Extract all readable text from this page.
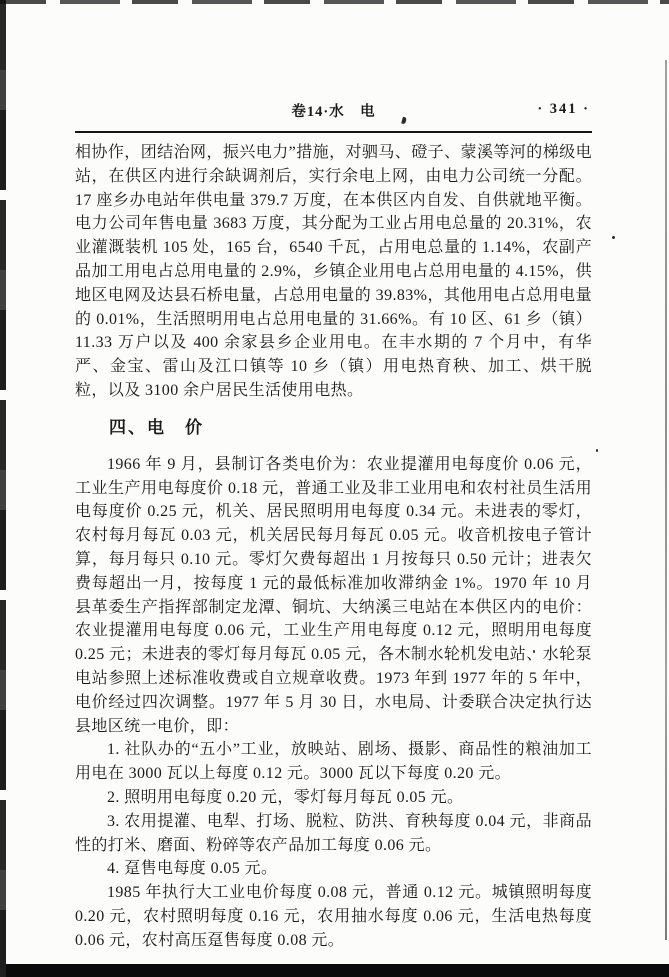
卷14·水　电	· 341 ·

相协作，团结治网，振兴电力”措施，对驷马、磴子、蒙溪等河的梯级电站，在供区内进行余缺调剂后，实行余电上网，由电力公司统一分配。17 座乡办电站年供电量 379.7 万度，在本供区内自发、自供就地平衡。电力公司年售电量 3683 万度，其分配为工业占用电总量的 20.31%，农业灌溉装机 105 处，165 台，6540 千瓦，占用电总量的 1.14%，农副产品加工用电占总用电量的 2.9%，乡镇企业用电占总用电量的 4.15%，供地区电网及达县石桥电量，占总用电量的 39.83%，其他用电占总用电量的 0.01%，生活照明用电占总用电量的 31.66%。有 10 区、61 乡（镇）11.33 万户以及 400 余家县乡企业用电。在丰水期的 7 个月中，有华严、金宝、雷山及江口镇等 10 乡（镇）用电热育秧、加工、烘干脱粒，以及 3100 余户居民生活使用电热。

四、电　价

1966 年 9 月，县制订各类电价为：农业提灌用电每度价 0.06 元，工业生产用电每度价 0.18 元，普通工业及非工业用电和农村社员生活用电每度价 0.25 元，机关、居民照明用电每度 0.34 元。未进表的零灯，农村每月每瓦 0.03 元，机关居民每月每瓦 0.05 元。收音机按电子管计算，每月每只 0.10 元。零灯欠费每超出 1 月按每只 0.50 元计；进表欠费每超出一月，按每度 1 元的最低标准加收滞纳金 1%。1970 年 10 月县革委生产指挥部制定龙潭、铜坑、大纳溪三电站在本供区内的电价：农业提灌用电每度 0.06 元，工业生产用电每度 0.12 元，照明用电每度 0.25 元；未进表的零灯每月每瓦 0.05 元，各木制水轮机发电站、水轮泵电站参照上述标准收费或自立规章收费。1973 年到 1977 年的 5 年中，电价经过四次调整。1977 年 5 月 30 日，水电局、计委联合决定执行达县地区统一电价，即：

1. 社队办的“五小”工业，放映站、剧场、摄影、商品性的粮油加工用电在 3000 瓦以上每度 0.12 元。3000 瓦以下每度 0.20 元。

2. 照明用电每度 0.20 元，零灯每月每瓦 0.05 元。

3. 农用提灌、电犁、打场、脱粒、防洪、育秧每度 0.04 元，非商品性的打米、磨面、粉碎等农产品加工每度 0.06 元。

4. 趸售电每度 0.05 元。

1985 年执行大工业电价每度 0.08 元，普通 0.12 元。城镇照明每度 0.20 元，农村照明每度 0.16 元，农用抽水每度 0.06 元，生活电热每度 0.06 元，农村高压趸售每度 0.08 元。
